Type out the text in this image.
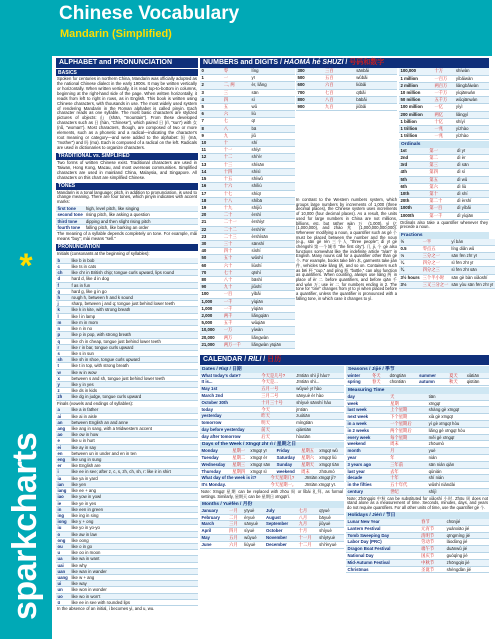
sparkcharts
*
Chinese Vocabulary
Mandarin (Simplified)
ALPHABET and PRONUNCIATION
BASICS
Spoken for centuries in northern China, Mandarin was officially adopted as the national Chinese dialect in the early 1900s. It may be written vertically or horizontally. When written vertically, it is read top-to-bottom in columns, beginning at the right-hand side of the page. When written horizontally, it reads from left to right in rows, as in English. This book is written using Chinese characters, with thousands in use. The most widely used system of rendering Mandarin in the Roman alphabet is called pinyin. Each character reads as one syllable. The most basic characters are stylized pictures of objects: 山 (shān, "mountain"). From these developed characters such as 日 (hàn, "Chinese"), which paired 日 (rì, "sun") with 女 (nǚ, "woman"). Most characters, though, are composed of two or more elements, such as a phonetic and a radical—indicating the character's root meaning or category—and were added to the alphabet: 妈 (mā, "mother") and 吗 (ma). Each is composed of a radical on the left. Radicals are used in dictionaries to organize characters.
TRADITIONAL vs. SIMPLIFIED
Two forms of written Chinese exist. Traditional characters are used in Taiwan, Hong Kong, Macau, and most overseas communities. Simplified characters are used in mainland China, Malaysia, and Singapore. All characters on this chart are simplified Chinese.
TONES
Mandarin is a tonal language; pitch, in addition to pronunciation, is used to change meaning. There are four tones, which pinyin indicates with accent marks:
first tone	high, level pitch, like singing
second tone	rising pitch, like asking a question
third tone	dipping and then slight rising pitch
fourth tone	falling pitch, like barking an order
The meaning of a syllable depends completely on tone. For example, mǎi means "buy"; mài means "sell."
PRONUNCIATION
Initials (consonants at the beginning of syllables):
b	like b in bob
c	like ts in cats
ch	like chr in British chip; tongue curls upward, lips round
d	hard d, like d in dog
f	f as in fun
g	hard g, like g in go
h	rough h, between h and k sound
j	sharp, between j and q; tongue just behind lower teeth
k	like k in kite, with strong breath
l	like l in lamp
m	like m in mom
n	like n in no
p	like p in pop, with strong breath
q	like ch in cheap, tongue just behind lower teeth
r	like r in bar, tongue curls upward
s	like s in sun
sh	like sh in shoe, tongue curls upward
t	like t in top, with strong breath
w	like w in wow
x	between s and sh, tongue just behind lower teeth
y	like y in yes
z	like ds in kids
zh	like dg in judge, tongue curls upward
Finals (vowels and endings of syllables):
a	like a in father
ai	like ai in aisle
an	between English an and anne
ang	like ang in sang, with a Midwestern accent
ao	like ow in how
e	like u in hurt
ei	like ay in say
en	between un in under and en in ten
eng	like ung in sung
er	like English are
i	like ee in see; after z, c, s, zh, ch, sh, r: like ir in shirt
ia	like ya in yard
ian	like yen
iang	like ee + ang
iao	like yow in yowl
ie	like ye in yes
in	like een in green
ing	like ing in sing
iong	like y + ong
iu	like yo in yo-yo
o	like aw in law
ong	like oong
ou	like o in go
u	like oo in moon
ua	like wa in want
uai	like why
uan	like wan in wander
uang	like w + ang
ui	like way
un	like won in wonder
uo	like wo in won't
ü	like ee in see with rounded lips
In the absence of an initial, i becomes yi, and u, wu.
NUMBERS and DIGITS / HÀOMǍ hé SHÙZÌ / 号码和数字
0	零	líng
1	一	yī
2	二, 两	èr, liǎng
3	三	sān
4	四	sì
5	五	wǔ
6	六	liù
7	七	qī
8	八	bā
9	九	jiǔ
10	十	shí
11	十一	shíyī
12	十二	shí'èr
13	十三	shísān
14	十四	shísì
15	十五	shíwǔ
16	十六	shíliù
17	十七	shíqī
18	十八	shíbā
19	十九	shíjiǔ
20	二十	èrshí
21	二十一	èrshíyī
22	二十二	èrshí'èr
23	二十三	èrshísān
30	三十	sānshí
40	四十	sìshí
50	五十	wǔshí
60	六十	liùshí
70	七十	qīshí
80	八十	bāshí
90	九十	jiǔshí
100	一百	yìbǎi
1,000	一千	yìqiān
1,000	一千	yìqiān
2,000	两千	liǎngqiān
5,000	五千	wǔqiān
10,000	一万	yíwàn
20,000	两万	liǎngwàn
21,000	两万一千	liǎngwàn yīqiān
300	三百	sānbǎi
500	五百	wǔbǎi
600	六百	liùbǎi
700	七百	qībǎi
800	八百	bābǎi
900	九百	jiǔbǎi
In contrast to the Western numbers system, which groups large numbers by increments of 1,000 (three decimal places), the Chinese system uses increments of 10,000 (four decimal places). As a result, the units used for large numbers in China are not millions, billions, etc. but rather wàn 万 (1,000), yì 亿 (1,000,000), and zhào 兆 (1,000,000,000,000). Whenever modifying a noun, a quantifier such as gè 个 must be placed between the number and the noun (e.g., sān gè rén 三个人 "three people"; dì yī gè chéngshì 第一个城市 "the first city"). 几 ji, 个 gè also functions somewhat like the indefinite article "a/an" in English. Many nouns call for a quantifier other than gè 个. For example, books take běn 本, garments take jiàn 件, vehicles take liàng 辆, and so on. Containers such as bēi 杯 "cup," and píng 瓶 "bottle," can also function as quantifiers. When counting, always use liǎng 两 in place of èr 二 before quantifiers, and before qiān 千 and wàn 万; use èr 二 for numbers ending in 2. The tone for "one" changes from yī to yí when placed before a quantifier, unless the quantifier is pronounced with a falling tone, in which case it changes to yì.
100,000	十万	shíwàn
1 million	一百万	yìbǎiwàn
2 million	两百万	liǎngbǎiwàn
10 million	一千万	yìqiānwàn
50 million	五千万	wǔqiānwàn
100 million	一亿	yíyì
200 million	两亿	liǎngyì
1 billion	十亿	shíyì
1 trillion	一兆	yízhào
1 trillion	一兆	yízhào
Ordinals
1st	第一	dì yī
2nd	第二	dì èr
3rd	第三	dì sān
4th	第四	dì sì
5th	第五	dì wǔ
6th	第六	dì liù
10th	第十	dì shí
20th	第二十	dì èrshí
100th	第一百	dì yìbǎi
1000th	第一千	dì yìqiān
Ordinals also take a quantifier whenever they precede a noun.
Fractions
½	一半	yí bàn
0.5	零点五	líng diǎn wǔ
⅓	三分之一	sān fēn zhī yī
¼	四分之一	sì fēn zhī yī
¾	四分之三	sì fēn zhī sān
3½ hours	三个半小时	sān gè bàn xiǎoshí
3⅓	三又三分之一	sān yòu sān fēn zhī yī
CALENDAR / RÌLÌ / 日历
Dates / Rìqī / 日期
What today's date?	今天是几号?	Jīntiān shì jǐ hào?
It is...	今天是...	Jīntiān shì...
May 1st	五月一号	wǔyuè yī hào
March 2nd	三月二号	sānyuè èr hào
October 30th	十月三十号	shíyuè sānshí hào
today	今天	jīntiān
yesterday	昨天	zuótiān
tomorrow	明天	míngtiān
day before yesterday	前天	qiántiān
day after tomorrow	后天	hòutiān
Days of the Week / Xīngqī zhī rì / 星期之日
Monday	星期一	xīngqī yī	Friday	星期五	xīngqī wǔ
Tuesday	星期二	xīngqī èr	Saturday	星期六	xīngqī liù
Wednesday	星期三	xīngqī sān	Sunday	星期天	xīngqī tiān
Thursday	星期四	xīngqī sì	weekend	周末	zhōumò
What day of the week is it?	今天星期几?	Jīntiān xīngqī jǐ?
It's Monday.	今天星期一。	Jīntiān xīngqī yī.
Note: Xīngqī 星期 can be replaced with zhōu 周 or lǐbài 礼拜, as formal settings. Similarly, 星期天 can be 星期日 xīngqīrì.
Months / Yuèfèn / 月份
January	一月	yīyuè	July	七月	qīyuè
February	二月	èryuè	August	八月	bāyuè
March	三月	sānyuè	September	九月	jiǔyuè
April	四月	sìyuè	October	十月	shíyuè
May	五月	wǔyuè	November	十一月	shíyīyuè
June	六月	liùyuè	December	十二月	shí'èryuè
Seasons / Jìjié / 季节
winter	冬天	dōngtiān	summer	夏天	xiàtiān
spring	春天	chūntiān	autumn	秋天	qiūtiān
Measuring Time
day	天	tiān
week	星期	xīngqī
last week	上个星期	shàng gè xīngqī
next week	下个星期	xià gè xīngqī
in a week	一个星期后	yí gè xīngqī hòu
in 2 weeks	两个星期后	liǎng gè xīngqī hòu
every week	每个星期	měi gè xīngqī
weekend	周末	zhōumò
month	月	yuè
year	年	nián
3 years ago	三年前	sān nián qián
last year	去年	qùnián
decade	十年	shí nián
in the fifties	五十年代	wǔshí niándài
century	世纪	shìjì
Note: Zhōngqiū 中秋 can be substituted for xiǎoshí 小时. Zhōu 周 does not stand alone as a measurement of time. Seconds, minutes, days, and years do not require quantifiers. For all other units of time, use the quantifier gè 个.
Holidays / Jiérì / 节日
Lunar New Year	春节	chūnjié
Lantern Festival	元宵节	yuánxiāo jié
Tomb Sweeping Day	清明节	qīngmíng jié
Labor Day (PRC)	劳动节	láodòng jié
Dragon Boat Festival	端午节	duānwǔ jié
National Day	国庆节	guóqìng jié
Mid-Autumn Festival	中秋节	zhōngqiū jié
Christmas	圣诞节	shèngdàn jié
